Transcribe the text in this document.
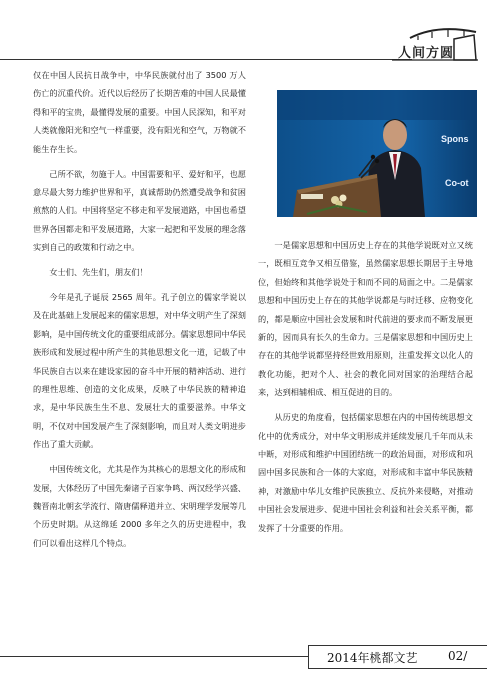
人间方圆

仅在中国人民抗日战争中，中华民族就付出了 3500 万人伤亡的沉重代价。近代以后经历了长期苦难的中国人民最懂得和平的宝贵，最懂得发展的重要。中国人民深知，和平对人类就像阳光和空气一样重要，没有阳光和空气，万物就不能生存生长。

己所不欲，勿施于人。中国需要和平、爱好和平，也愿意尽最大努力维护世界和平，真诚帮助仍然遭受战争和贫困煎熬的人们。中国将坚定不移走和平发展道路，中国也希望世界各国都走和平发展道路，大家一起把和平发展的理念落实到自己的政策和行动之中。

女士们、先生们，朋友们！

今年是孔子诞辰 2565 周年。孔子创立的儒家学说以及在此基础上发展起来的儒家思想，对中华文明产生了深刻影响，是中国传统文化的重要组成部分。儒家思想同中华民族形成和发展过程中所产生的其他思想文化一道，记载了中华民族自古以来在建设家园的奋斗中开展的精神活动、进行的理性思维、创造的文化成果，反映了中华民族的精神追求，是中华民族生生不息、发展壮大的重要滋养。中华文明，不仅对中国发展产生了深刻影响，而且对人类文明进步作出了重大贡献。

中国传统文化，尤其是作为其核心的思想文化的形成和发展，大体经历了中国先秦诸子百家争鸣、两汉经学兴盛、魏晋南北朝玄学流行、隋唐儒释道并立、宋明理学发展等几个历史时期。从这绵延 2000 多年之久的历史进程中，我们可以看出这样几个特点。

Spons
Co-ot

一是儒家思想和中国历史上存在的其他学说既对立又统一，既相互竞争又相互借鉴，虽然儒家思想长期居于主导地位，但始终和其他学说处于和而不同的局面之中。二是儒家思想和中国历史上存在的其他学说都是与时迁移、应物变化的，都是顺应中国社会发展和时代前进的要求而不断发展更新的，因而具有长久的生命力。三是儒家思想和中国历史上存在的其他学说都坚持经世致用原则，注重发挥文以化人的教化功能，把对个人、社会的教化同对国家的治理结合起来，达到相辅相成、相互促进的目的。

从历史的角度看，包括儒家思想在内的中国传统思想文化中的优秀成分，对中华文明形成并延续发展几千年而从未中断，对形成和维护中国团结统一的政治局面，对形成和巩固中国多民族和合一体的大家庭，对形成和丰富中华民族精神，对激励中华儿女维护民族独立、反抗外来侵略，对推动中国社会发展进步、促进中国社会利益和社会关系平衡，都发挥了十分重要的作用。

2014年桃都文艺	02/
